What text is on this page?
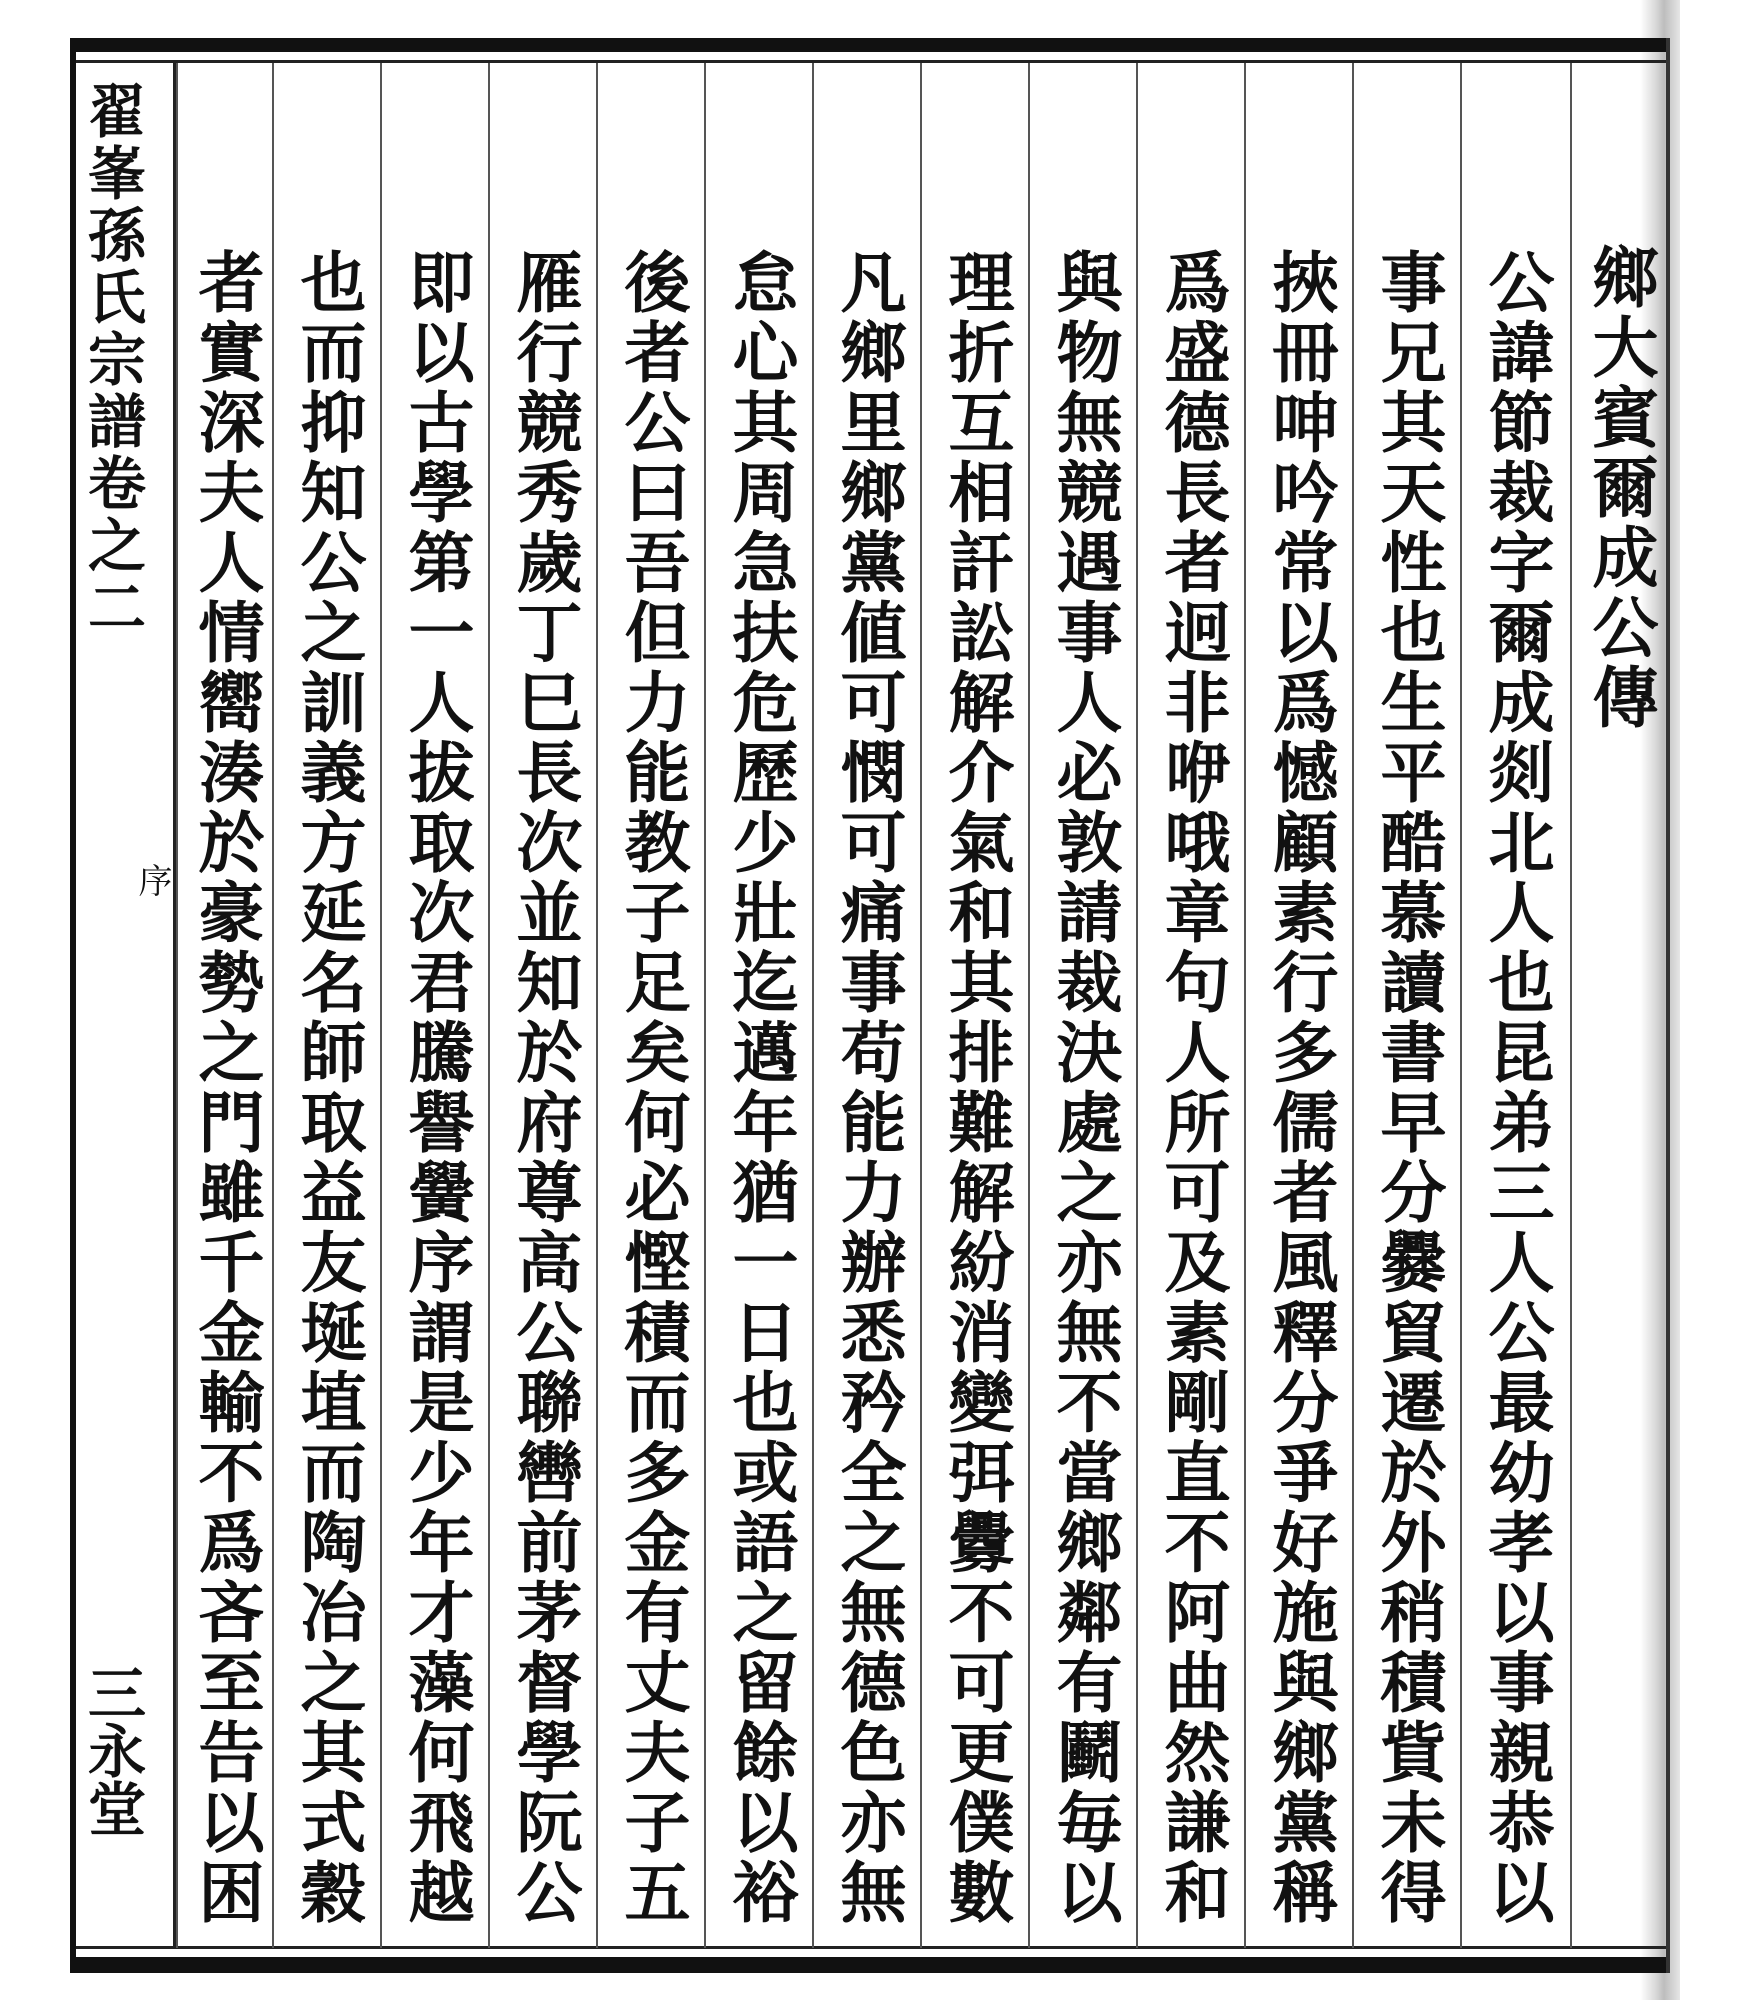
翟峯孫氏宗譜卷之二
序
三永堂
鄉大賓爾成公傳
公諱節裁字爾成剡北人也昆弟三人公最幼孝以事親恭以
事兄其天性也生平酷慕讀書早分爨貿遷於外稍積貲未得
挾冊呻吟常以爲憾顧素行多儒者風釋分爭好施與鄉黨稱
爲盛德長者迥非咿哦章句人所可及素剛直不阿曲然謙和
與物無競遇事人必敦請裁決處之亦無不當鄉鄰有鬬毎以
理折互相訐訟解介氣和其排難解紛消變弭釁不可更僕數
凡鄉里鄉黨値可憫可痛事苟能力辦悉矜全之無德色亦無
怠心其周急扶危歷少壯迄邁年猶一日也或語之留餘以裕
後者公曰吾但力能教子足矣何必慳積而多金有丈夫子五
雁行競秀歲丁巳長次並知於府尊高公聯轡前茅督學阮公
即以古學第一人拔取次君騰譽黌序謂是少年才藻何飛越
也而抑知公之訓義方延名師取益友埏埴而陶冶之其式穀
者實深夫人情嚮湊於豪勢之門雖千金輸不爲吝至告以困
